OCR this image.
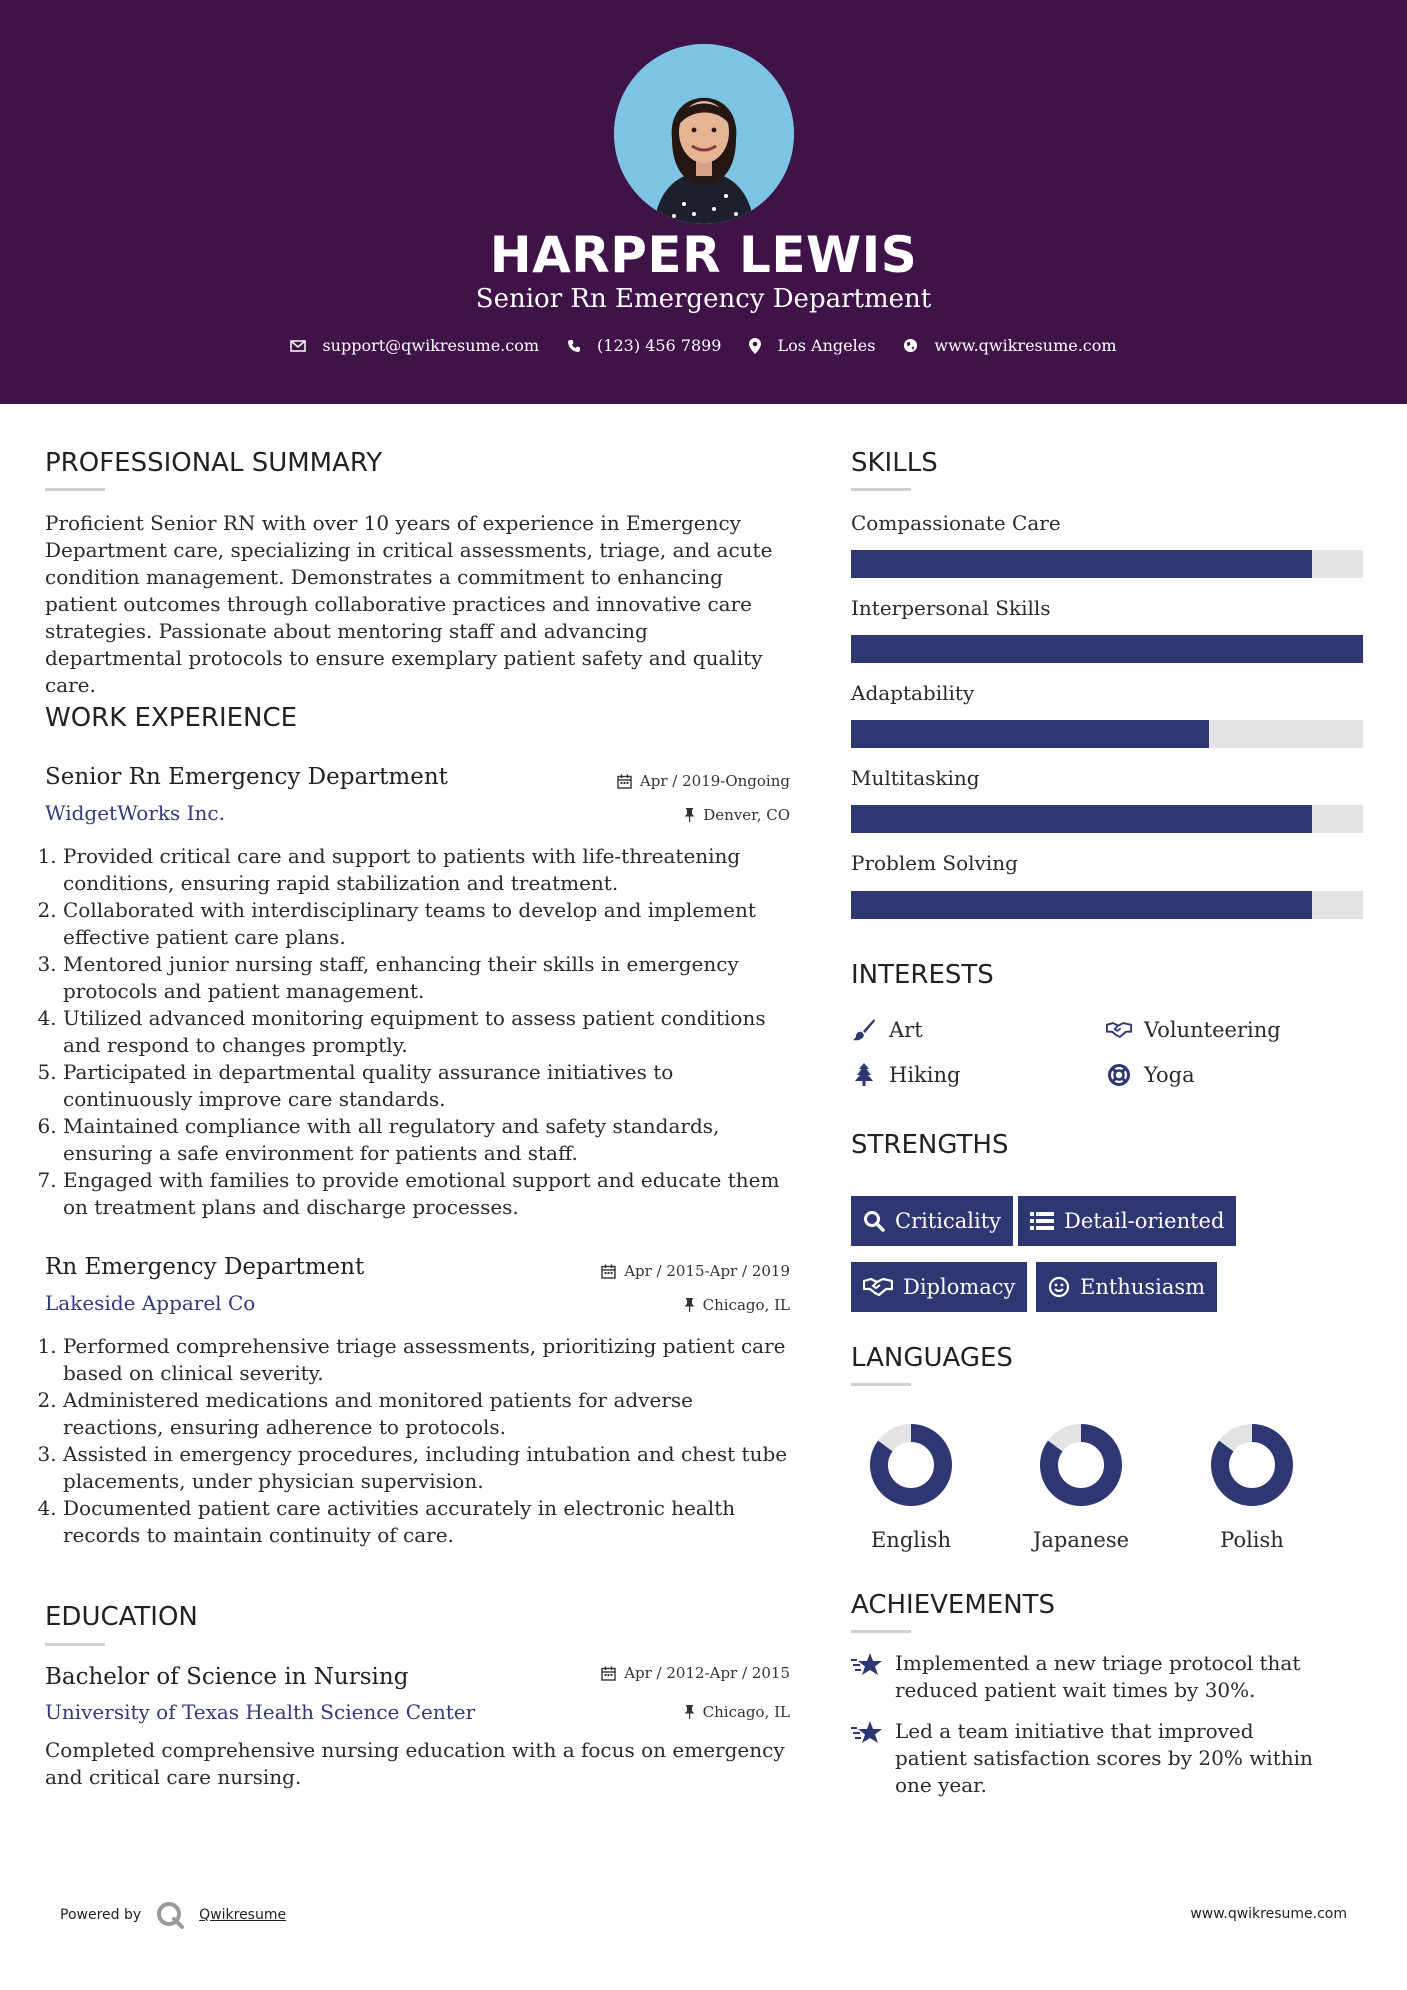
HARPER LEWIS
Senior Rn Emergency Department
support@qwikresume.com	(123) 456 7899	Los Angeles	www.qwikresume.com
PROFESSIONAL SUMMARY
Proficient Senior RN with over 10 years of experience in Emergency Department care, specializing in critical assessments, triage, and acute condition management. Demonstrates a commitment to enhancing patient outcomes through collaborative practices and innovative care strategies. Passionate about mentoring staff and advancing departmental protocols to ensure exemplary patient safety and quality care.
WORK EXPERIENCE
Senior Rn Emergency Department	Apr / 2019-Ongoing
WidgetWorks Inc.	Denver, CO
1. Provided critical care and support to patients with life-threatening conditions, ensuring rapid stabilization and treatment.
2. Collaborated with interdisciplinary teams to develop and implement effective patient care plans.
3. Mentored junior nursing staff, enhancing their skills in emergency protocols and patient management.
4. Utilized advanced monitoring equipment to assess patient conditions and respond to changes promptly.
5. Participated in departmental quality assurance initiatives to continuously improve care standards.
6. Maintained compliance with all regulatory and safety standards, ensuring a safe environment for patients and staff.
7. Engaged with families to provide emotional support and educate them on treatment plans and discharge processes.
Rn Emergency Department	Apr / 2015-Apr / 2019
Lakeside Apparel Co	Chicago, IL
1. Performed comprehensive triage assessments, prioritizing patient care based on clinical severity.
2. Administered medications and monitored patients for adverse reactions, ensuring adherence to protocols.
3. Assisted in emergency procedures, including intubation and chest tube placements, under physician supervision.
4. Documented patient care activities accurately in electronic health records to maintain continuity of care.
EDUCATION
Bachelor of Science in Nursing	Apr / 2012-Apr / 2015
University of Texas Health Science Center	Chicago, IL
Completed comprehensive nursing education with a focus on emergency and critical care nursing.
SKILLS
Compassionate Care
Interpersonal Skills
Adaptability
Multitasking
Problem Solving
INTERESTS
Art	Volunteering
Hiking	Yoga
STRENGTHS
Criticality	Detail-oriented
Diplomacy	Enthusiasm
LANGUAGES
English	Japanese	Polish
ACHIEVEMENTS
Implemented a new triage protocol that reduced patient wait times by 30%.
Led a team initiative that improved patient satisfaction scores by 20% within one year.
Powered by	Qwikresume	www.qwikresume.com
